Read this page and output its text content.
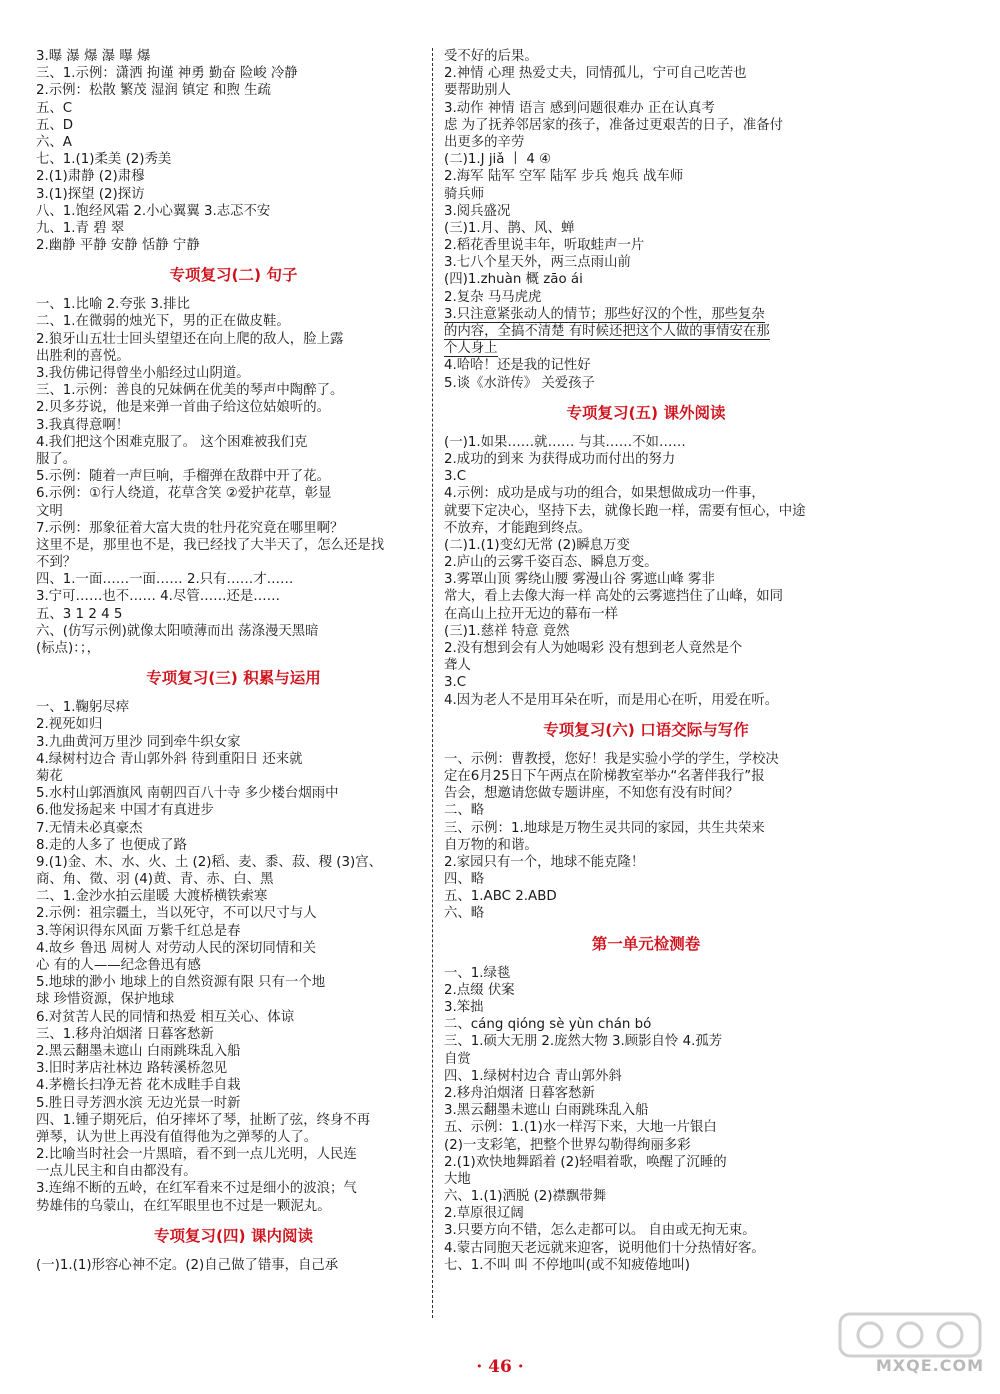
3.曝 瀑 爆 瀑 曝 爆
三、1.示例：潇洒 拘谨 神勇 勤奋 险峻 冷静
2.示例：松散 繁茂 湿润 镇定 和煦 生疏
五、C
五、D
六、A
七、1.(1)柔美 (2)秀美
2.(1)肃静 (2)肃穆
3.(1)探望 (2)探访
八、1.饱经风霜 2.小心翼翼 3.志忑不安
九、1.青 碧 翠
2.幽静 平静 安静 恬静 宁静
专项复习(二) 句子
一、1.比喻 2.夸张 3.排比
二、1.在微弱的烛光下，男的正在做皮鞋。
2.狼牙山五壮士回头望望还在向上爬的敌人，脸上露
出胜利的喜悦。
3.我仿佛记得曾坐小船经过山阴道。
三、1.示例：善良的兄妹俩在优美的琴声中陶醉了。
2.贝多芬说，他是来弹一首曲子给这位姑娘听的。
3.我真得意啊！
4.我们把这个困难克服了。 这个困难被我们克
服了。
5.示例：随着一声巨响，手榴弹在敌群中开了花。
6.示例：①行人绕道，花草含笑 ②爱护花草，彰显
文明
7.示例：那象征着大富大贵的牡丹花究竟在哪里啊？
这里不是，那里也不是，我已经找了大半天了，怎么还是找
不到？
四、1.一面……一面…… 2.只有……才……
3.宁可……也不…… 4.尽管……还是……
五、3 1 2 4 5
六、(仿写示例)就像太阳喷薄而出 荡涤漫天黑暗
(标点)：；，
专项复习(三) 积累与运用
一、1.鞠躬尽瘁
2.视死如归
3.九曲黄河万里沙 同到牵牛织女家
4.绿树村边合 青山郭外斜 待到重阳日 还来就
菊花
5.水村山郭酒旗风 南朝四百八十寺 多少楼台烟雨中
6.他发扬起来 中国才有真进步
7.无情未必真豪杰
8.走的人多了 也便成了路
9.(1)金、木、水、火、土 (2)稻、麦、黍、菽、稷 (3)宫、
商、角、徵、羽 (4)黄、青、赤、白、黑
二、1.金沙水拍云崖暖 大渡桥横铁索寒
2.示例：祖宗疆土，当以死守，不可以尺寸与人
3.等闲识得东风面 万紫千红总是春
4.故乡 鲁迅 周树人 对劳动人民的深切同情和关
心 有的人——纪念鲁迅有感
5.地球的渺小 地球上的自然资源有限 只有一个地
球 珍惜资源，保护地球
6.对贫苦人民的同情和热爱 相互关心、体谅
三、1.移舟泊烟渚 日暮客愁新
2.黑云翻墨未遮山 白雨跳珠乱入船
3.旧时茅店社林边 路转溪桥忽见
4.茅檐长扫净无苔 花木成畦手自栽
5.胜日寻芳泗水滨 无边光景一时新
四、1.锺子期死后，伯牙摔坏了琴，扯断了弦，终身不再
弹琴，认为世上再没有值得他为之弹琴的人了。
2.比喻当时社会一片黑暗，看不到一点儿光明，人民连
一点儿民主和自由都没有。
3.连绵不断的五岭，在红军看来不过是细小的波浪；气
势雄伟的乌蒙山，在红军眼里也不过是一颗泥丸。
专项复习(四) 课内阅读
(一)1.(1)形容心神不定。(2)自己做了错事，自己承
受不好的后果。
2.神情 心理 热爱丈夫，同情孤儿，宁可自己吃苦也
要帮助别人
3.动作 神情 语言 感到问题很难办 正在认真考
虑 为了抚养邻居家的孩子，准备过更艰苦的日子，准备付
出更多的辛劳
(二)1.J jiǎ 丨 4 ④
2.海军 陆军 空军 陆军 步兵 炮兵 战车师
骑兵师
3.阅兵盛况
(三)1.月、鹊、风、蝉
2.稻花香里说丰年，听取蛙声一片
3.七八个星天外，两三点雨山前
(四)1.zhuàn 概 zāo ái
2.复杂 马马虎虎
3.只注意紧张动人的情节；那些好汉的个性，那些复杂
的内容，全搞不清楚 有时候还把这个人做的事情安在那
个人身上
4.哈哈！还是我的记性好
5.谈《水浒传》 关爱孩子
专项复习(五) 课外阅读
(一)1.如果……就…… 与其……不如……
2.成功的到来 为获得成功而付出的努力
3.C
4.示例：成功是成与功的组合，如果想做成功一件事，
就要下定决心，坚持下去，就像长跑一样，需要有恒心，中途
不放弃，才能跑到终点。
(二)1.(1)变幻无常 (2)瞬息万变
2.庐山的云雾千姿百态、瞬息万变。
3.雾罩山顶 雾绕山腰 雾漫山谷 雾遮山峰 雾非
常大，看上去像大海一样 高处的云雾遮挡住了山峰，如同
在高山上拉开无边的幕布一样
(三)1.慈祥 特意 竟然
2.没有想到会有人为她喝彩 没有想到老人竟然是个
聋人
3.C
4.因为老人不是用耳朵在听，而是用心在听，用爱在听。
专项复习(六) 口语交际与写作
一、示例：曹教授，您好！我是实验小学的学生，学校决
定在6月25日下午两点在阶梯教室举办“名著伴我行”报
告会，想邀请您做专题讲座，不知您有没有时间？
二、略
三、示例：1.地球是万物生灵共同的家园，共生共荣来
自万物的和谐。
2.家园只有一个，地球不能克隆！
四、略
五、1.ABC 2.ABD
六、略
第一单元检测卷
一、1.绿毯
2.点缀 伏案
3.笨拙
二、cáng qióng sè yùn chán bó
三、1.硕大无朋 2.庞然大物 3.顾影自怜 4.孤芳
自赏
四、1.绿树村边合 青山郭外斜
2.移舟泊烟渚 日暮客愁新
3.黑云翻墨未遮山 白雨跳珠乱入船
五、示例：1.(1)水一样泻下来，大地一片银白
(2)一支彩笔，把整个世界勾勒得绚丽多彩
2.(1)欢快地舞蹈着 (2)轻唱着歌，唤醒了沉睡的
大地
六、1.(1)洒脱 (2)襟飘带舞
2.草原很辽阔
3.只要方向不错，怎么走都可以。 自由或无拘无束。
4.蒙古同胞天老远就来迎客，说明他们十分热情好客。
七、1.不叫 叫 不停地叫(或不知疲倦地叫)
· 46 ·	MXQE.COM
